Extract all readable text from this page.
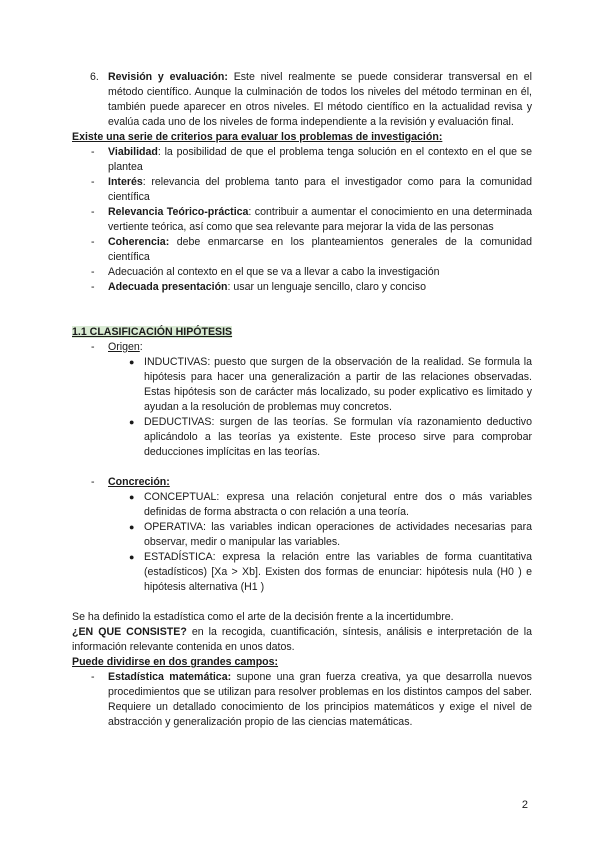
6. Revisión y evaluación: Este nivel realmente se puede considerar transversal en el método científico. Aunque la culminación de todos los niveles del método terminan en él, también puede aparecer en otros niveles. El método científico en la actualidad revisa y evalúa cada uno de los niveles de forma independiente a la revisión y evaluación final.
Existe una serie de criterios para evaluar los problemas de investigación:
- Viabilidad: la posibilidad de que el problema tenga solución en el contexto en el que se plantea
- Interés: relevancia del problema tanto para el investigador como para la comunidad científica
- Relevancia Teórico-práctica: contribuir a aumentar el conocimiento en una determinada vertiente teórica, así como que sea relevante para mejorar la vida de las personas
- Coherencia: debe enmarcarse en los planteamientos generales de la comunidad científica
- Adecuación al contexto en el que se va a llevar a cabo la investigación
- Adecuada presentación: usar un lenguaje sencillo, claro y conciso
1.1 CLASIFICACIÓN HIPÓTESIS
- Origen:
● INDUCTIVAS: puesto que surgen de la observación de la realidad. Se formula la hipótesis para hacer una generalización a partir de las relaciones observadas. Estas hipótesis son de carácter más localizado, su poder explicativo es limitado y ayudan a la resolución de problemas muy concretos.
● DEDUCTIVAS: surgen de las teorías. Se formulan vía razonamiento deductivo aplicándolo a las teorías ya existente. Este proceso sirve para comprobar deducciones implícitas en las teorías.
- Concreción:
● CONCEPTUAL: expresa una relación conjetural entre dos o más variables definidas de forma abstracta o con relación a una teoría.
● OPERATIVA: las variables indican operaciones de actividades necesarias para observar, medir o manipular las variables.
● ESTADÍSTICA: expresa la relación entre las variables de forma cuantitativa (estadísticos) [Xa > Xb]. Existen dos formas de enunciar: hipótesis nula (H0 ) e hipótesis alternativa (H1 )
Se ha definido la estadística como el arte de la decisión frente a la incertidumbre.
¿EN QUE CONSISTE? en la recogida, cuantificación, síntesis, análisis e interpretación de la información relevante contenida en unos datos.
Puede dividirse en dos grandes campos:
- Estadística matemática: supone una gran fuerza creativa, ya que desarrolla nuevos procedimientos que se utilizan para resolver problemas en los distintos campos del saber. Requiere un detallado conocimiento de los principios matemáticos y exige el nivel de abstracción y generalización propio de las ciencias matemáticas.
2
